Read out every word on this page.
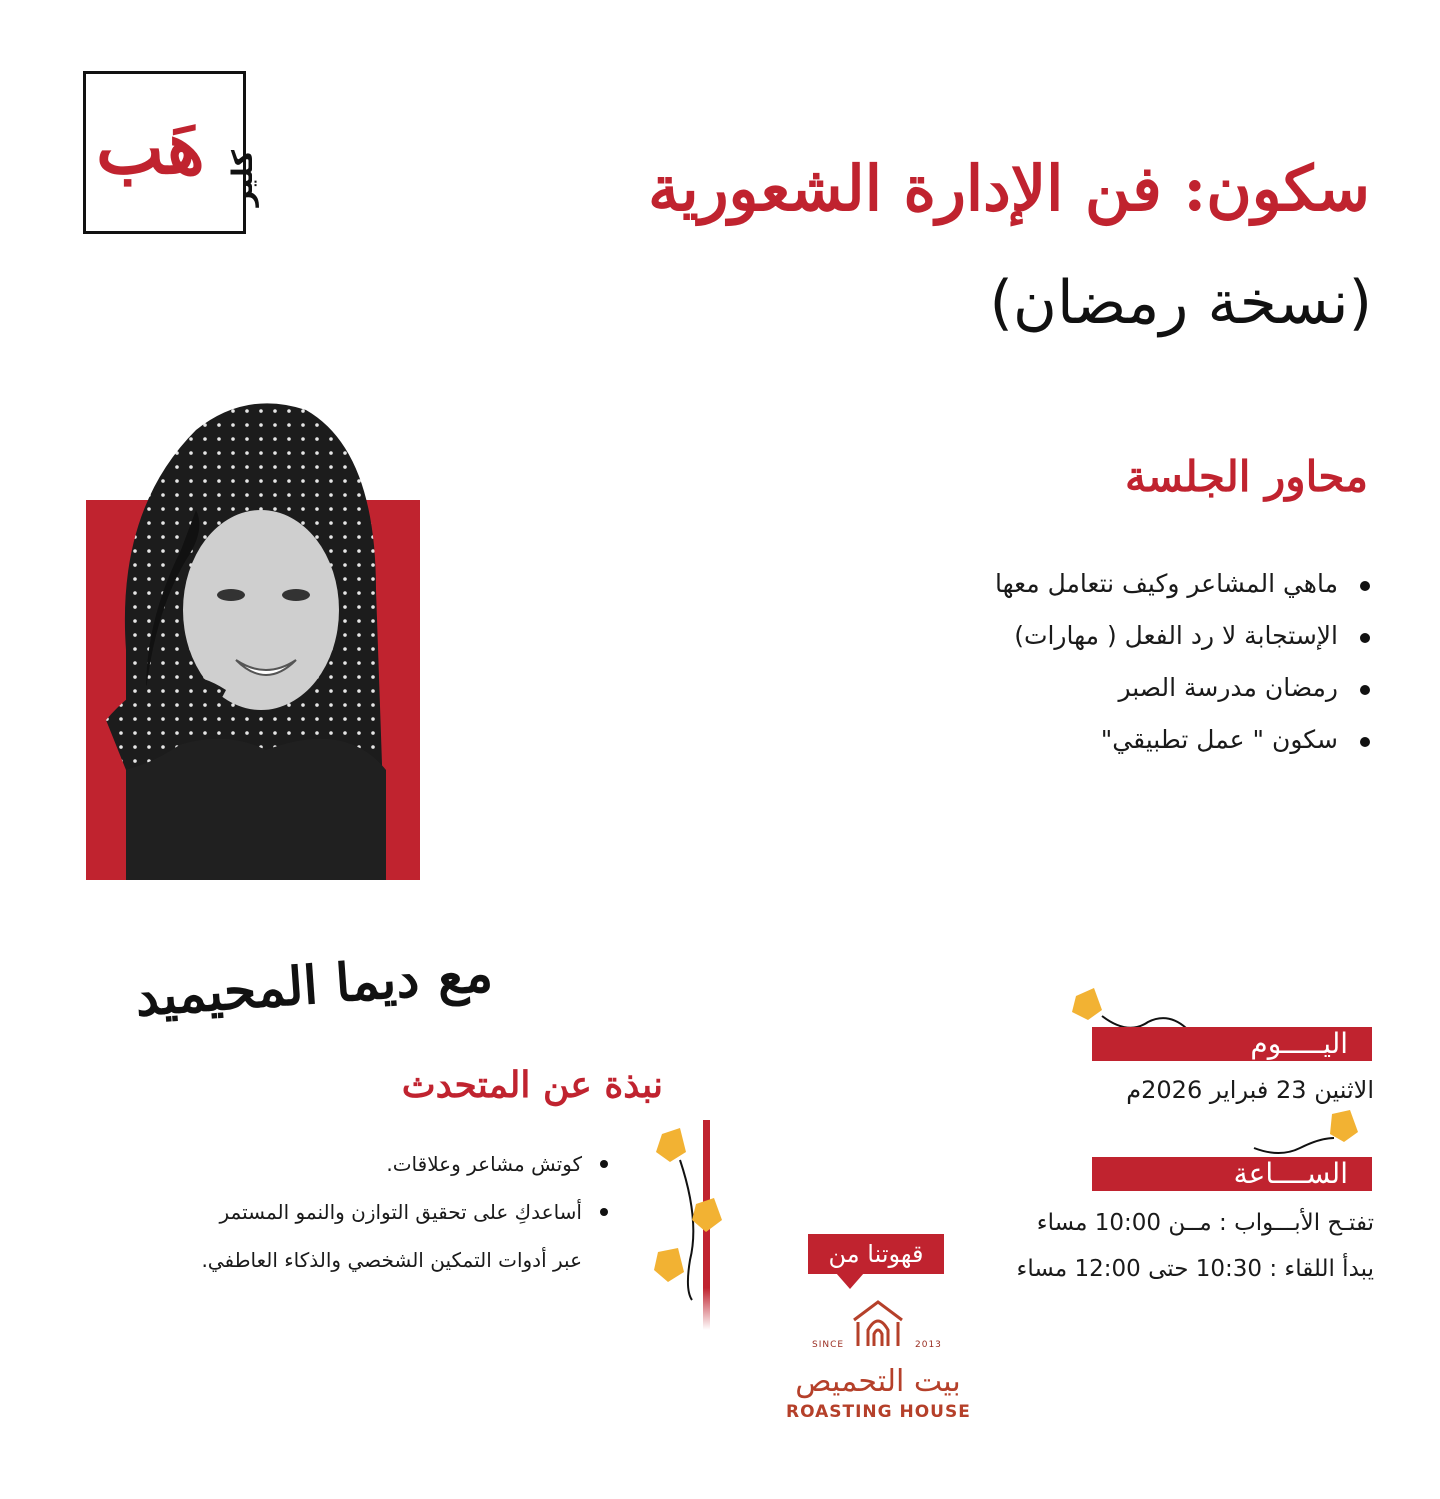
هَب كلير	سكون: فن الإدارة الشعورية
(نسخة رمضان)
محاور الجلسة
ماهي المشاعر وكيف نتعامل معها
الإستجابة لا رد الفعل ( مهارات)
رمضان مدرسة الصبر
سكون " عمل تطبيقي"
مع ديما المحيميد
نبذة عن المتحدث
كوتش مشاعر وعلاقات.
أساعدكِ على تحقيق التوازن والنمو المستمر
عبر أدوات التمكين الشخصي والذكاء العاطفي.
اليـــــوم
الاثنين 23 فبراير 2026م
الســــاعة
تفتـح الأبـــواب : مــن 10:00 مساء
يبدأ اللقاء : 10:30 حتى 12:00 مساء
قهوتنا من
SINCE	2013
بيت التحميص
ROASTING HOUSE
